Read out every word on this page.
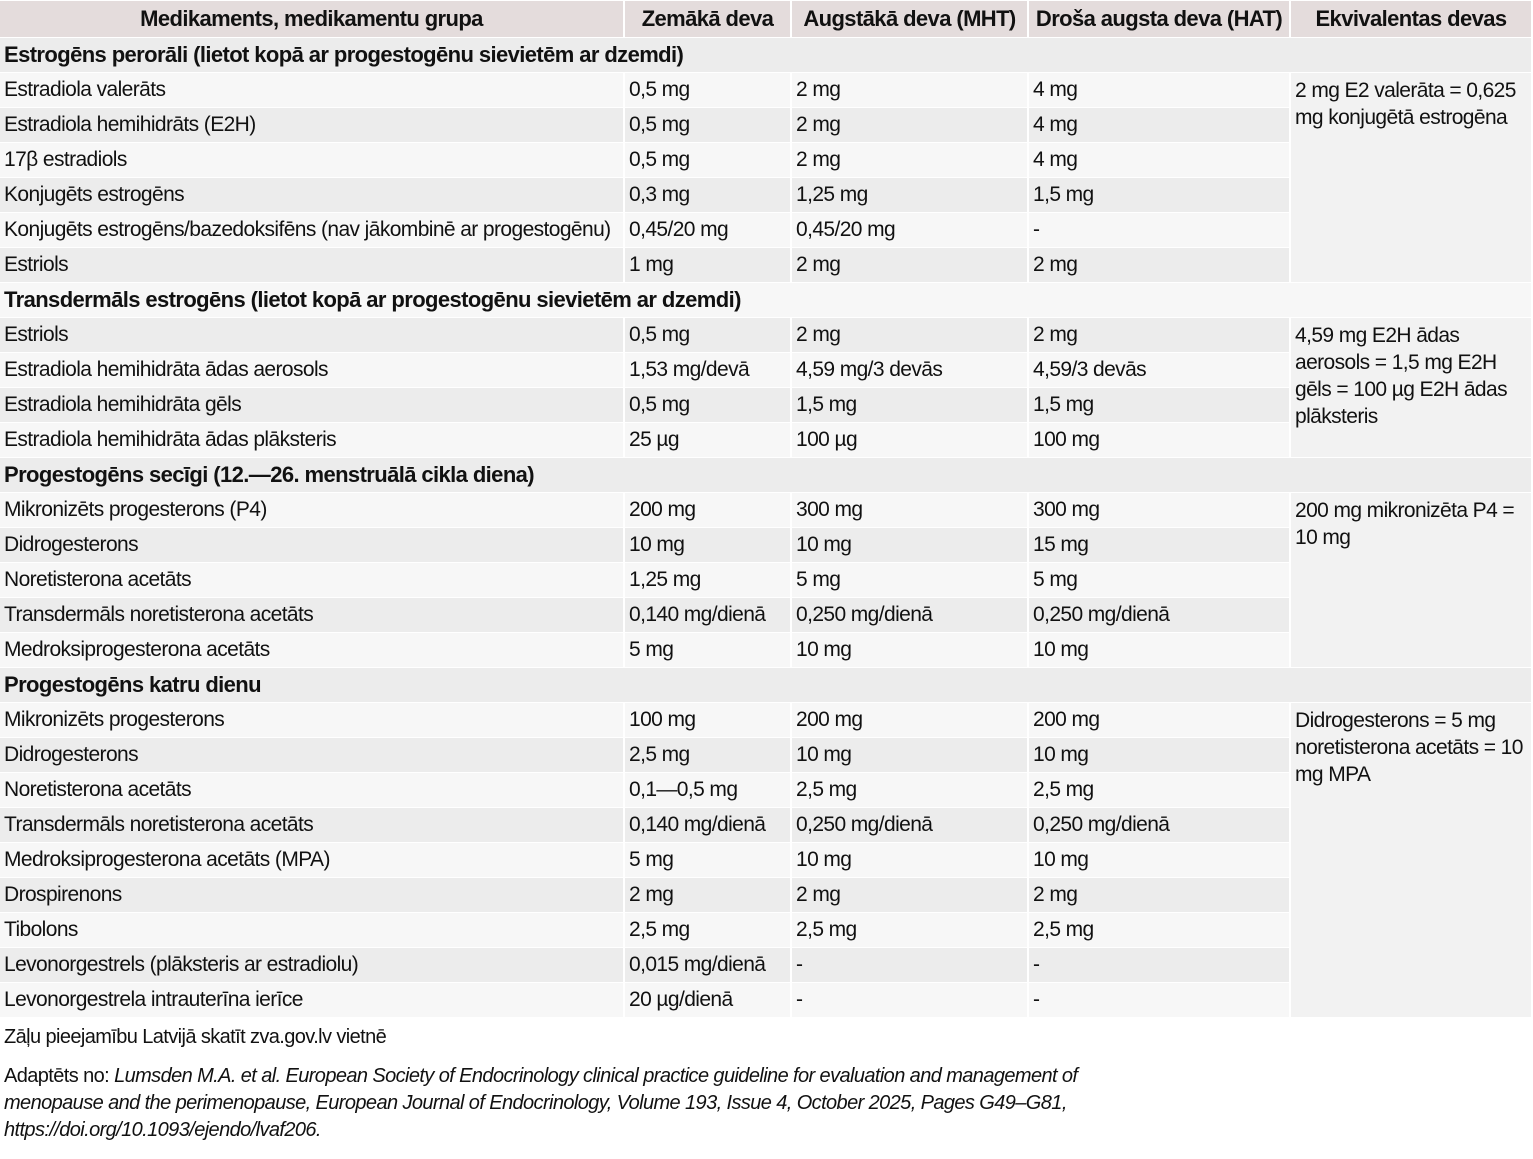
Medikaments, medikamentu grupa	Zemākā deva	Augstākā deva (MHT)	Droša augsta deva (HAT)	Ekvivalentas devas
Estrogēns perorāli (lietot kopā ar progestogēnu sievietēm ar dzemdi)				
Estradiola valerāts	0,5 mg	2 mg	4 mg	2 mg E2 valerāta = 0,625 mg konjugētā estrogēna
Estradiola hemihidrāts (E2H)	0,5 mg	2 mg	4 mg	
17β estradiols	0,5 mg	2 mg	4 mg	
Konjugēts estrogēns	0,3 mg	1,25 mg	1,5 mg	
Konjugēts estrogēns/bazedoksifēns (nav jākombinē ar progestogēnu)	0,45/20 mg	0,45/20 mg	-	
Estriols	1 mg	2 mg	2 mg	
Transdermāls estrogēns (lietot kopā ar progestogēnu sievietēm ar dzemdi)				
Estriols	0,5 mg	2 mg	2 mg	4,59 mg E2H ādas aerosols = 1,5 mg E2H gēls = 100 µg E2H ādas plāksteris
Estradiola hemihidrāta ādas aerosols	1,53 mg/devā	4,59 mg/3 devās	4,59/3 devās	
Estradiola hemihidrāta gēls	0,5 mg	1,5 mg	1,5 mg	
Estradiola hemihidrāta ādas plāksteris	25 µg	100 µg	100 mg	
Progestogēns secīgi (12.—26. menstruālā cikla diena)				
Mikronizēts progesterons (P4)	200 mg	300 mg	300 mg	200 mg mikronizēta P4 = 10 mg
Didrogesterons	10 mg	10 mg	15 mg	
Noretisterona acetāts	1,25 mg	5 mg	5 mg	
Transdermāls noretisterona acetāts	0,140 mg/dienā	0,250 mg/dienā	0,250 mg/dienā	
Medroksiprogesterona acetāts	5 mg	10 mg	10 mg	
Progestogēns katru dienu				
Mikronizēts progesterons	100 mg	200 mg	200 mg	Didrogesterons = 5 mg noretisterona acetāts = 10 mg MPA
Didrogesterons	2,5 mg	10 mg	10 mg	
Noretisterona acetāts	0,1—0,5 mg	2,5 mg	2,5 mg	
Transdermāls noretisterona acetāts	0,140 mg/dienā	0,250 mg/dienā	0,250 mg/dienā	
Medroksiprogesterona acetāts (MPA)	5 mg	10 mg	10 mg	
Drospirenons	2 mg	2 mg	2 mg	
Tibolons	2,5 mg	2,5 mg	2,5 mg	
Levonorgestrels (plāksteris ar estradiolu)	0,015 mg/dienā	-	-	
Levonorgestrela intrauterīna ierīce	20 µg/dienā	-	-	
Zāļu pieejamību Latvijā skatīt zva.gov.lv vietnē
Adaptēts no: Lumsden M.A. et al. European Society of Endocrinology clinical practice guideline for evaluation and management of menopause and the perimenopause, European Journal of Endocrinology, Volume 193, Issue 4, October 2025, Pages G49–G81, https://doi.org/10.1093/ejendo/lvaf206.
